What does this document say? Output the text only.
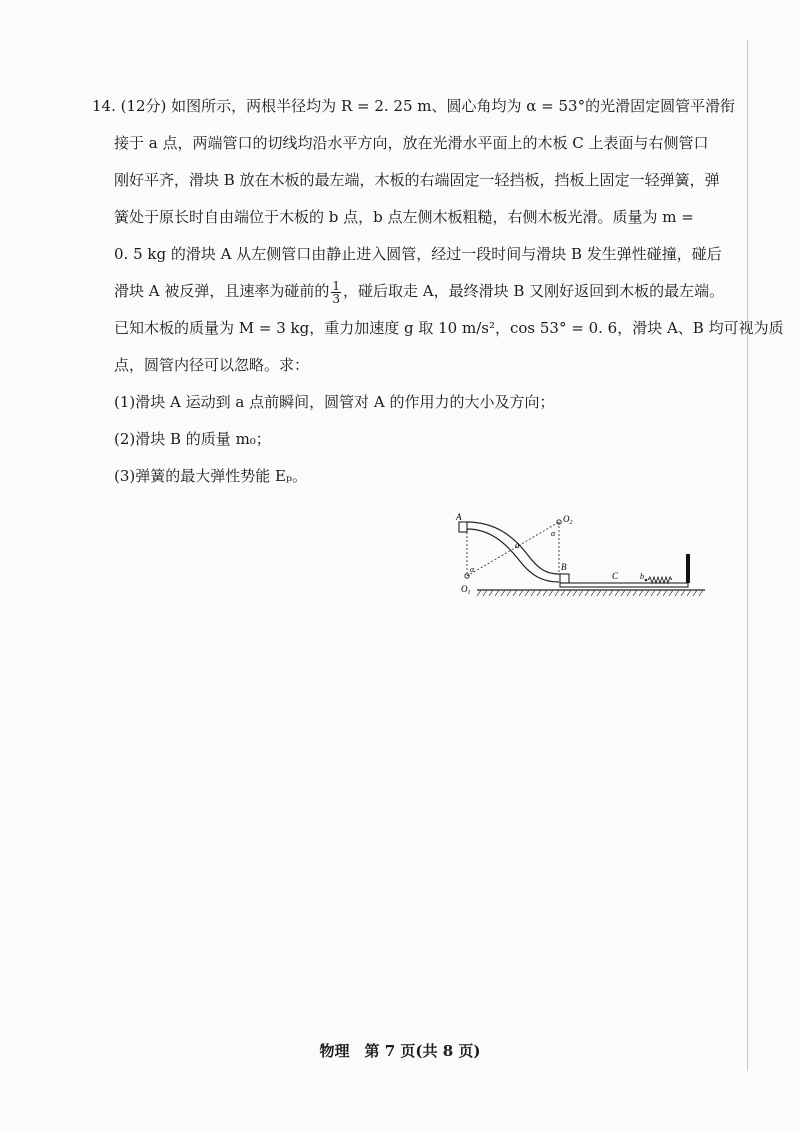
14. (12分) 如图所示，两根半径均为 R = 2. 25 m、圆心角均为 α = 53°的光滑固定圆管平滑衔
接于 a 点，两端管口的切线均沿水平方向，放在光滑水平面上的木板 C 上表面与右侧管口
刚好平齐，滑块 B 放在木板的最左端，木板的右端固定一轻挡板，挡板上固定一轻弹簧，弹
簧处于原长时自由端位于木板的 b 点，b 点左侧木板粗糙，右侧木板光滑。质量为 m =
0. 5 kg 的滑块 A 从左侧管口由静止进入圆管，经过一段时间与滑块 B 发生弹性碰撞，碰后
滑块 A 被反弹，且速率为碰前的 $\frac{1}{3}$ ，碰后取走 A，最终滑块 B 又刚好返回到木板的最左端。
已知木板的质量为 M = 3 kg，重力加速度 g 取 10 m/s²，cos 53° = 0. 6，滑块 A、B 均可视为质
点，圆管内径可以忽略。求：
(1)滑块 A 运动到 a 点前瞬间，圆管对 A 的作用力的大小及方向；
(2)滑块 B 的质量 m₀；
(3)弹簧的最大弹性势能 Eₚ。
A
B
C
a
b
α
α
$O_1$
$O_2$
物理　第 7 页(共 8 页)
